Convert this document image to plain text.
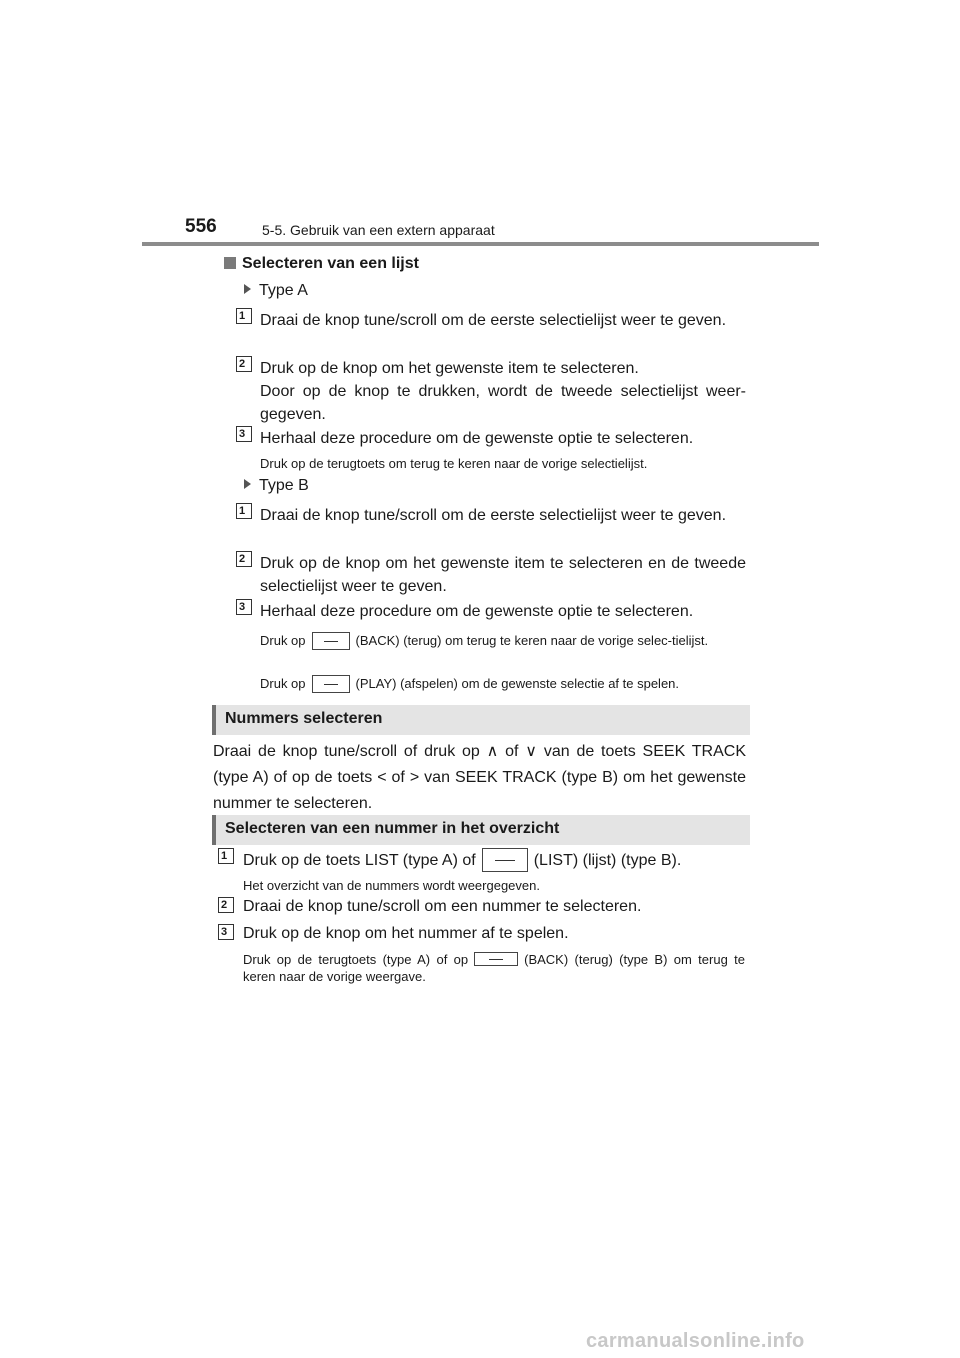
556	5-5. Gebruik van een extern apparaat
Selecteren van een lijst
Type A
1 Draai de knop tune/scroll om de eerste selectielijst weer te geven.
2 Druk op de knop om het gewenste item te selecteren.
Door op de knop te drukken, wordt de tweede selectielijst weer-gegeven.
3 Herhaal deze procedure om de gewenste optie te selecteren.
Druk op de terugtoets om terug te keren naar de vorige selectielijst.
Type B
1 Draai de knop tune/scroll om de eerste selectielijst weer te geven.
2 Druk op de knop om het gewenste item te selecteren en de tweede selectielijst weer te geven.
3 Herhaal deze procedure om de gewenste optie te selecteren.
Druk op	(BACK) (terug) om terug te keren naar de vorige selec-tielijst.
Druk op	(PLAY) (afspelen) om de gewenste selectie af te spelen.
Nummers selecteren
Draai de knop tune/scroll of druk op ∧ of ∨ van de toets SEEK TRACK (type A) of op de toets < of > van SEEK TRACK (type B) om het gewenste nummer te selecteren.
Selecteren van een nummer in het overzicht
1 Druk op de toets LIST (type A) of	(LIST) (lijst) (type B).
Het overzicht van de nummers wordt weergegeven.
2 Draai de knop tune/scroll om een nummer te selecteren.
3 Druk op de knop om het nummer af te spelen.
Druk op de terugtoets (type A) of op	(BACK) (terug) (type B) om terug te keren naar de vorige weergave.
carmanualsonline.info
